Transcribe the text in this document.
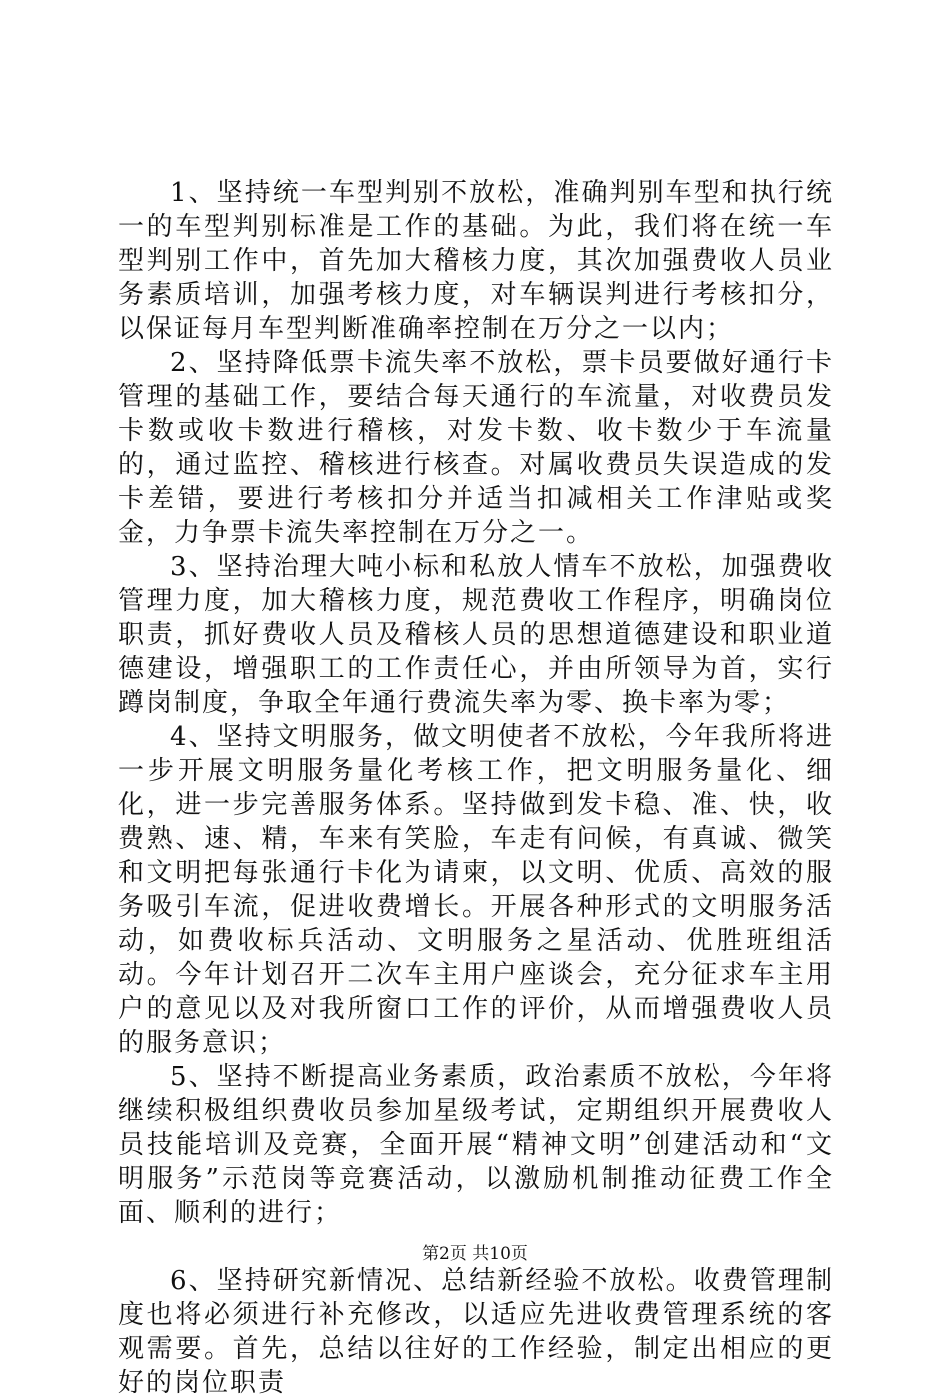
1、坚持统一车型判别不放松，准确判别车型和执行统一的车型判别标准是工作的基础。为此，我们将在统一车型判别工作中，首先加大稽核力度，其次加强费收人员业务素质培训，加强考核力度，对车辆误判进行考核扣分，以保证每月车型判断准确率控制在万分之一以内；

2、坚持降低票卡流失率不放松，票卡员要做好通行卡管理的基础工作，要结合每天通行的车流量，对收费员发卡数或收卡数进行稽核，对发卡数、收卡数少于车流量的，通过监控、稽核进行核查。对属收费员失误造成的发卡差错，要进行考核扣分并适当扣减相关工作津贴或奖金，力争票卡流失率控制在万分之一。

3、坚持治理大吨小标和私放人情车不放松，加强费收管理力度，加大稽核力度，规范费收工作程序，明确岗位职责，抓好费收人员及稽核人员的思想道德建设和职业道德建设，增强职工的工作责任心，并由所领导为首，实行蹲岗制度，争取全年通行费流失率为零、换卡率为零；

4、坚持文明服务，做文明使者不放松，今年我所将进一步开展文明服务量化考核工作，把文明服务量化、细化，进一步完善服务体系。坚持做到发卡稳、准、快，收费熟、速、精，车来有笑脸，车走有问候，有真诚、微笑和文明把每张通行卡化为请柬，以文明、优质、高效的服务吸引车流，促进收费增长。开展各种形式的文明服务活动，如费收标兵活动、文明服务之星活动、优胜班组活动。今年计划召开二次车主用户座谈会，充分征求车主用户的意见以及对我所窗口工作的评价，从而增强费收人员的服务意识；

5、坚持不断提高业务素质，政治素质不放松，今年将继续积极组织费收员参加星级考试，定期组织开展费收人员技能培训及竞赛，全面开展“精神文明”创建活动和“文明服务”示范岗等竞赛活动，以激励机制推动征费工作全面、顺利的进行；

6、坚持研究新情况、总结新经验不放松。收费管理制度也将必须进行补充修改，以适应先进收费管理系统的客观需要。首先，总结以往好的工作经验，制定出相应的更好的岗位职责

第2页 共10页
